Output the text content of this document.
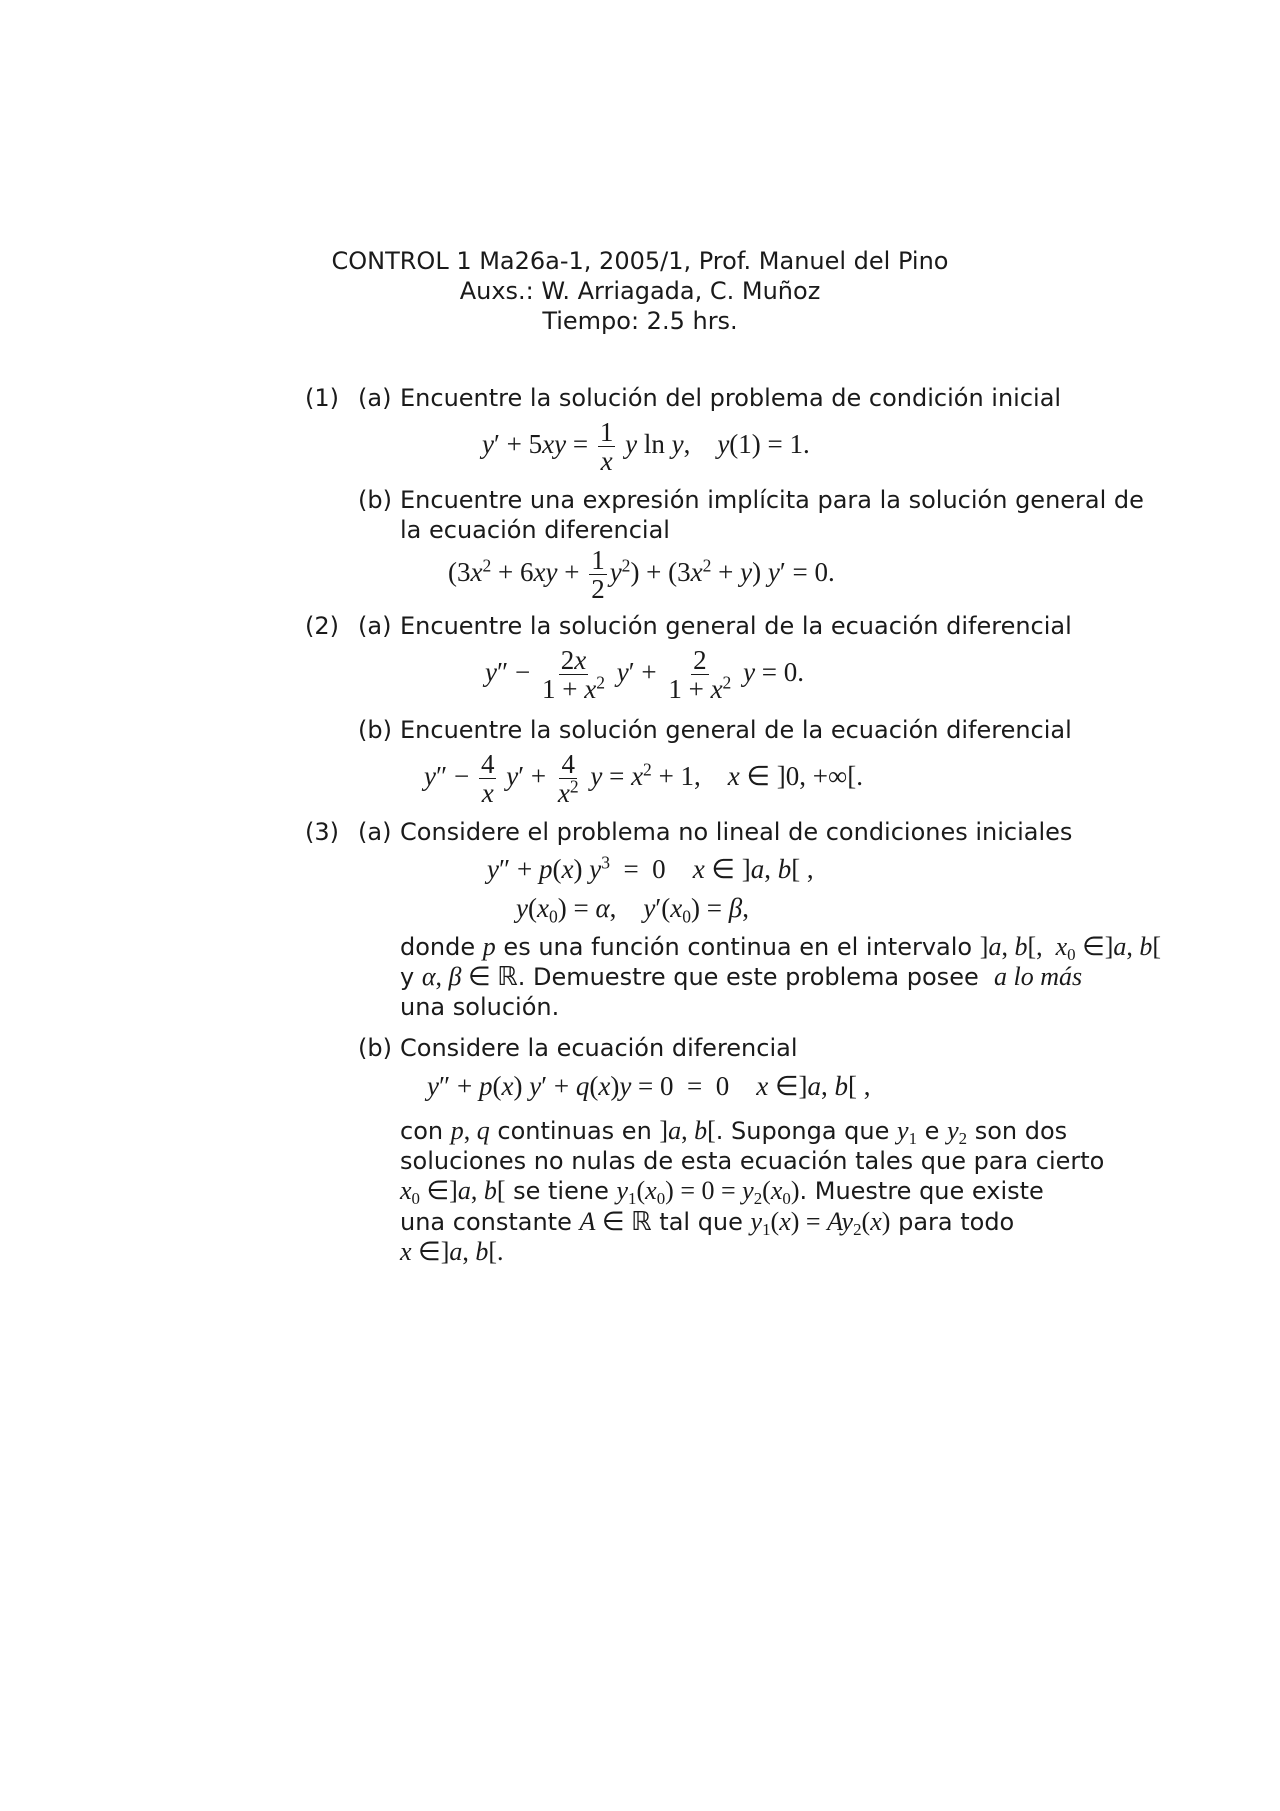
CONTROL 1 Ma26a-1, 2005/1, Prof. Manuel del Pino
Auxs.: W. Arriagada, C. Muñoz
Tiempo: 2.5 hrs.
(1) (a) Encuentre la solución del problema de condición inicial
$y' + 5xy = \frac{1}{x}$ y ln y,    y(1) = 1.
(b) Encuentre una expresión implícita para la solución general de
la ecuación diferencial
$(3x^2 + 6xy + \frac{1}{2} y^2) + (3x^2 + y) y' = 0$.
(2) (a) Encuentre la solución general de la ecuación diferencial
$y'' - \frac{2x}{1 + x^2} y' + \frac{2}{1 + x^2}$ y = 0.
(b) Encuentre la solución general de la ecuación diferencial
$y'' - \frac{4}{x} y' + \frac{4}{x^2}$ $y = x^2 + 1$,    x ∈ ]0, +∞[.
(3) (a) Considere el problema no lineal de condiciones iniciales
y″ + p(x) $y^3 = 0$    x ∈ ]a, b[ ,
$y(x_0) = \alpha$,    $y'(x_0) = \beta$,
donde p es una función continua en el intervalo ]a, b[,  $x_0$ ∈]a, b[
y α, β ∈ ℝ. Demuestre que este problema posee a lo más
una solución.
(b) Considere la ecuación diferencial
y″ + p(x) y′ + q(x)y = 0  =  0    x ∈]a, b[ ,
con p, q continuas en ]a, b[. Suponga que $y_1$ e $y_2$ son dos
soluciones no nulas de esta ecuación tales que para cierto
$x_0$ ∈]a, b[ se tiene $y_1(x_0) = 0 = y_2(x_0)$. Muestre que existe
una constante A ∈ ℝ tal que $y_1(x) = Ay_2(x)$ para todo
x ∈]a, b[.
